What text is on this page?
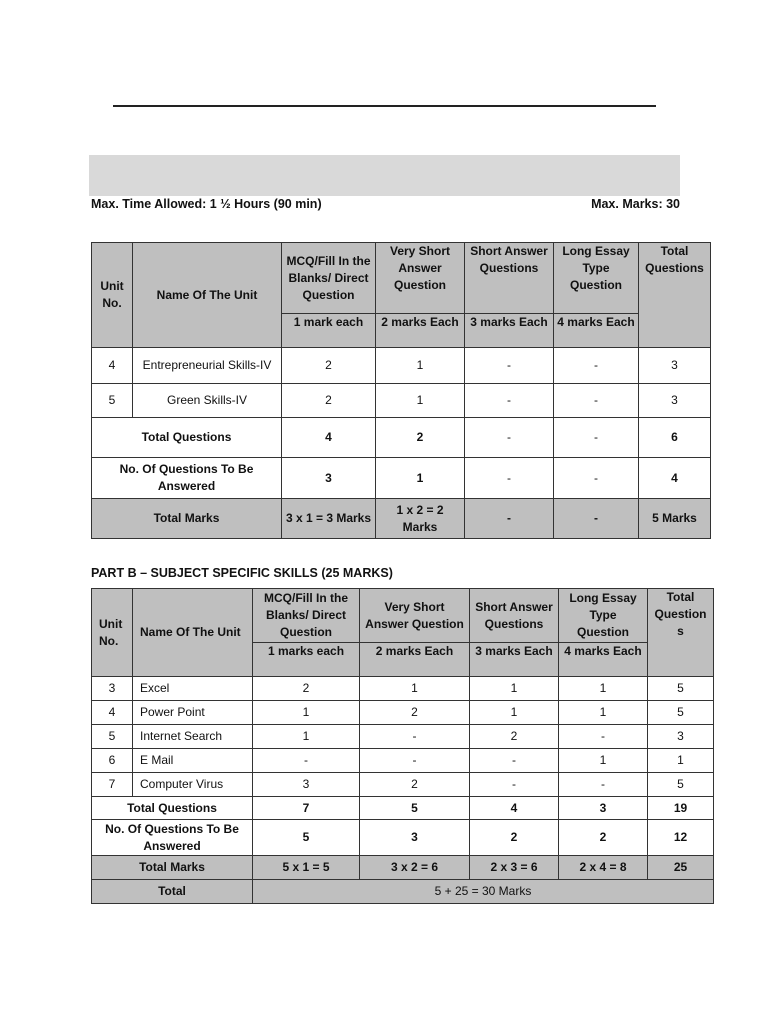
Max. Time Allowed: 1 ½ Hours (90 min)	Max. Marks: 30
Unit No.	Name Of The Unit	MCQ/Fill In the Blanks/ Direct Question	Very Short Answer Question	Short Answer Questions	Long Essay Type Question	Total Questions
		1 mark each	2 marks Each	3 marks Each	4 marks Each	
4	Entrepreneurial Skills-IV	2	1	-	-	3
5	Green Skills-IV	2	1	-	-	3
Total Questions		4	2	-	-	6
No. Of Questions To Be Answered		3	1	-	-	4
Total Marks		3 x 1 = 3 Marks	1 x 2 = 2 Marks	-	-	5 Marks
PART B – SUBJECT SPECIFIC SKILLS (25 MARKS)
Unit No.	Name Of The Unit	MCQ/Fill In the Blanks/ Direct Question	Very Short Answer Question	Short Answer Questions	Long Essay Type Question	Total Question s
		1 marks each	2 marks Each	3 marks Each	4 marks Each	
3	Excel	2	1	1	1	5
4	Power Point	1	2	1	1	5
5	Internet Search	1	-	2	-	3
6	E Mail	-	-	-	1	1
7	Computer Virus	3	2	-	-	5
Total Questions		7	5	4	3	19
No. Of Questions To Be Answered		5	3	2	2	12
Total Marks		5 x 1 = 5	3 x 2 = 6	2 x 3 = 6	2 x 4 = 8	25
Total		5 + 25 = 30 Marks				
